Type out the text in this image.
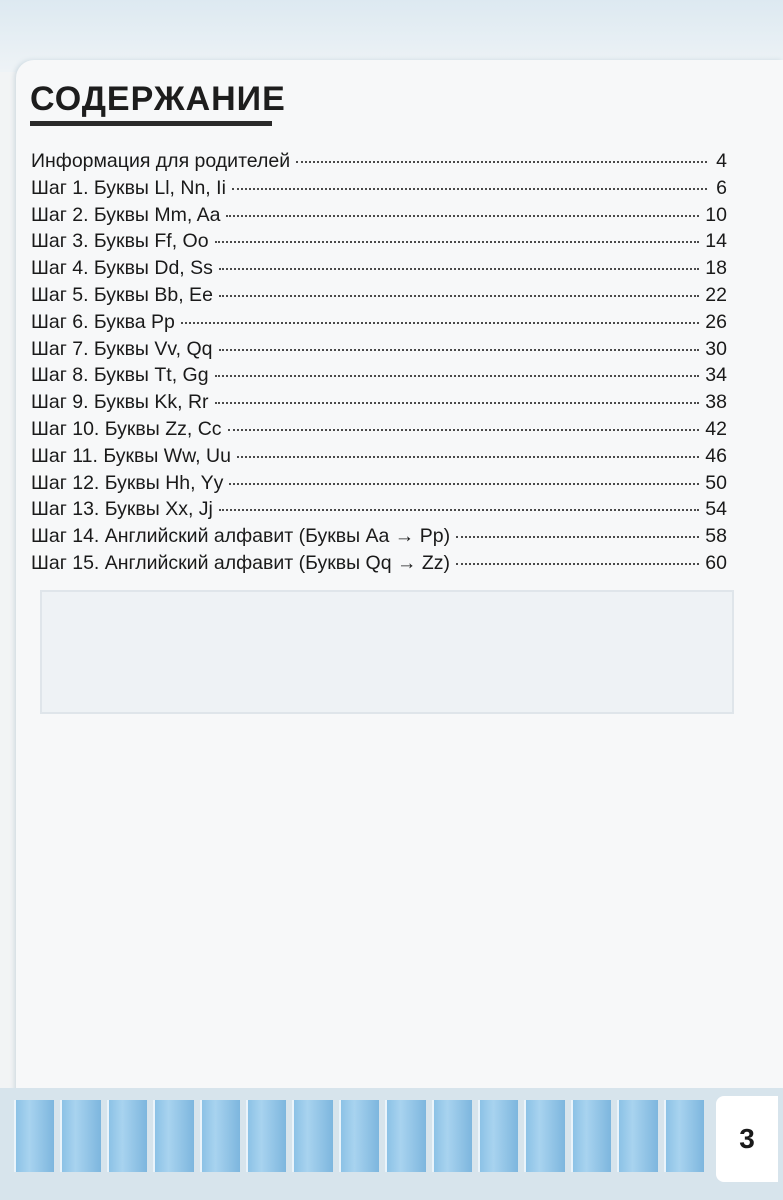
СОДЕРЖАНИЕ
Информация для родителей	4
Шаг 1. Буквы Ll, Nn, Ii	6
Шаг 2. Буквы Mm, Aa	10
Шаг 3. Буквы Ff, Oo	14
Шаг 4. Буквы Dd, Ss	18
Шаг 5. Буквы Bb, Ee	22
Шаг 6. Буква Pp	26
Шаг 7. Буквы Vv, Qq	30
Шаг 8. Буквы Tt, Gg	34
Шаг 9. Буквы Kk, Rr	38
Шаг 10. Буквы Zz, Cc	42
Шаг 11. Буквы Ww, Uu	46
Шаг 12. Буквы Hh, Yy	50
Шаг 13. Буквы Xx, Jj	54
Шаг 14. Английский алфавит (Буквы Aa → Pp)	58
Шаг 15. Английский алфавит (Буквы Qq → Zz)	60
3
